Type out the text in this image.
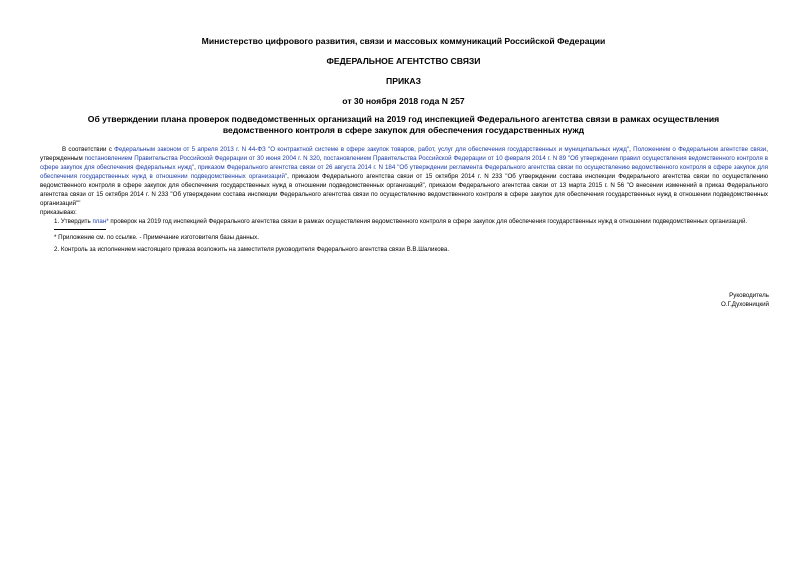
Министерство цифрового развития, связи и массовых коммуникаций Российской Федерации
ФЕДЕРАЛЬНОЕ АГЕНТСТВО СВЯЗИ
ПРИКАЗ
от 30 ноября 2018 года N 257
Об утверждении плана проверок подведомственных организаций на 2019 год инспекцией Федерального агентства связи в рамках осуществления ведомственного контроля в сфере закупок для обеспечения государственных нужд

В соответствии с Федеральным законом от 5 апреля 2013 г. N 44-ФЗ "О контрактной системе в сфере закупок товаров, работ, услуг для обеспечения государственных и муниципальных нужд", Положением о Федеральном агентстве связи, утвержденным постановлением Правительства Российской Федерации от 30 июня 2004 г. N 320, постановлением Правительства Российской Федерации от 10 февраля 2014 г. N 89 "Об утверждении правил осуществления ведомственного контроля в сфере закупок для обеспечения федеральных нужд", приказом Федерального агентства связи от 26 августа 2014 г. N 184 "Об утверждении регламента Федерального агентства связи по осуществлению ведомственного контроля в сфере закупок для обеспечения государственных нужд в отношении подведомственных организаций", приказом Федерального агентства связи от 15 октября 2014 г. N 233 "Об утверждении состава инспекции Федерального агентства связи по осуществлению ведомственного контроля в сфере закупок для обеспечения государственных нужд в отношении подведомственных организаций", приказом Федерального агентства связи от 13 марта 2015 г. N 56 "О внесении изменений в приказ Федерального агентства связи от 15 октября 2014 г. N 233 "Об утверждении состава инспекции Федерального агентства связи по осуществлению ведомственного контроля в сфере закупок для обеспечения государственных нужд в отношении подведомственных организаций""

приказываю:

1. Утвердить план* проверок на 2019 год инспекцией Федерального агентства связи в рамках осуществления ведомственного контроля в сфере закупок для обеспечения государственных нужд в отношении подведомственных организаций.

* Приложение см. по ссылке. - Примечание изготовителя базы данных.

2. Контроль за исполнением настоящего приказа возложить на заместителя руководителя Федерального агентства связи В.В.Шаликова.

Руководитель
О.Г.Духовницкий
